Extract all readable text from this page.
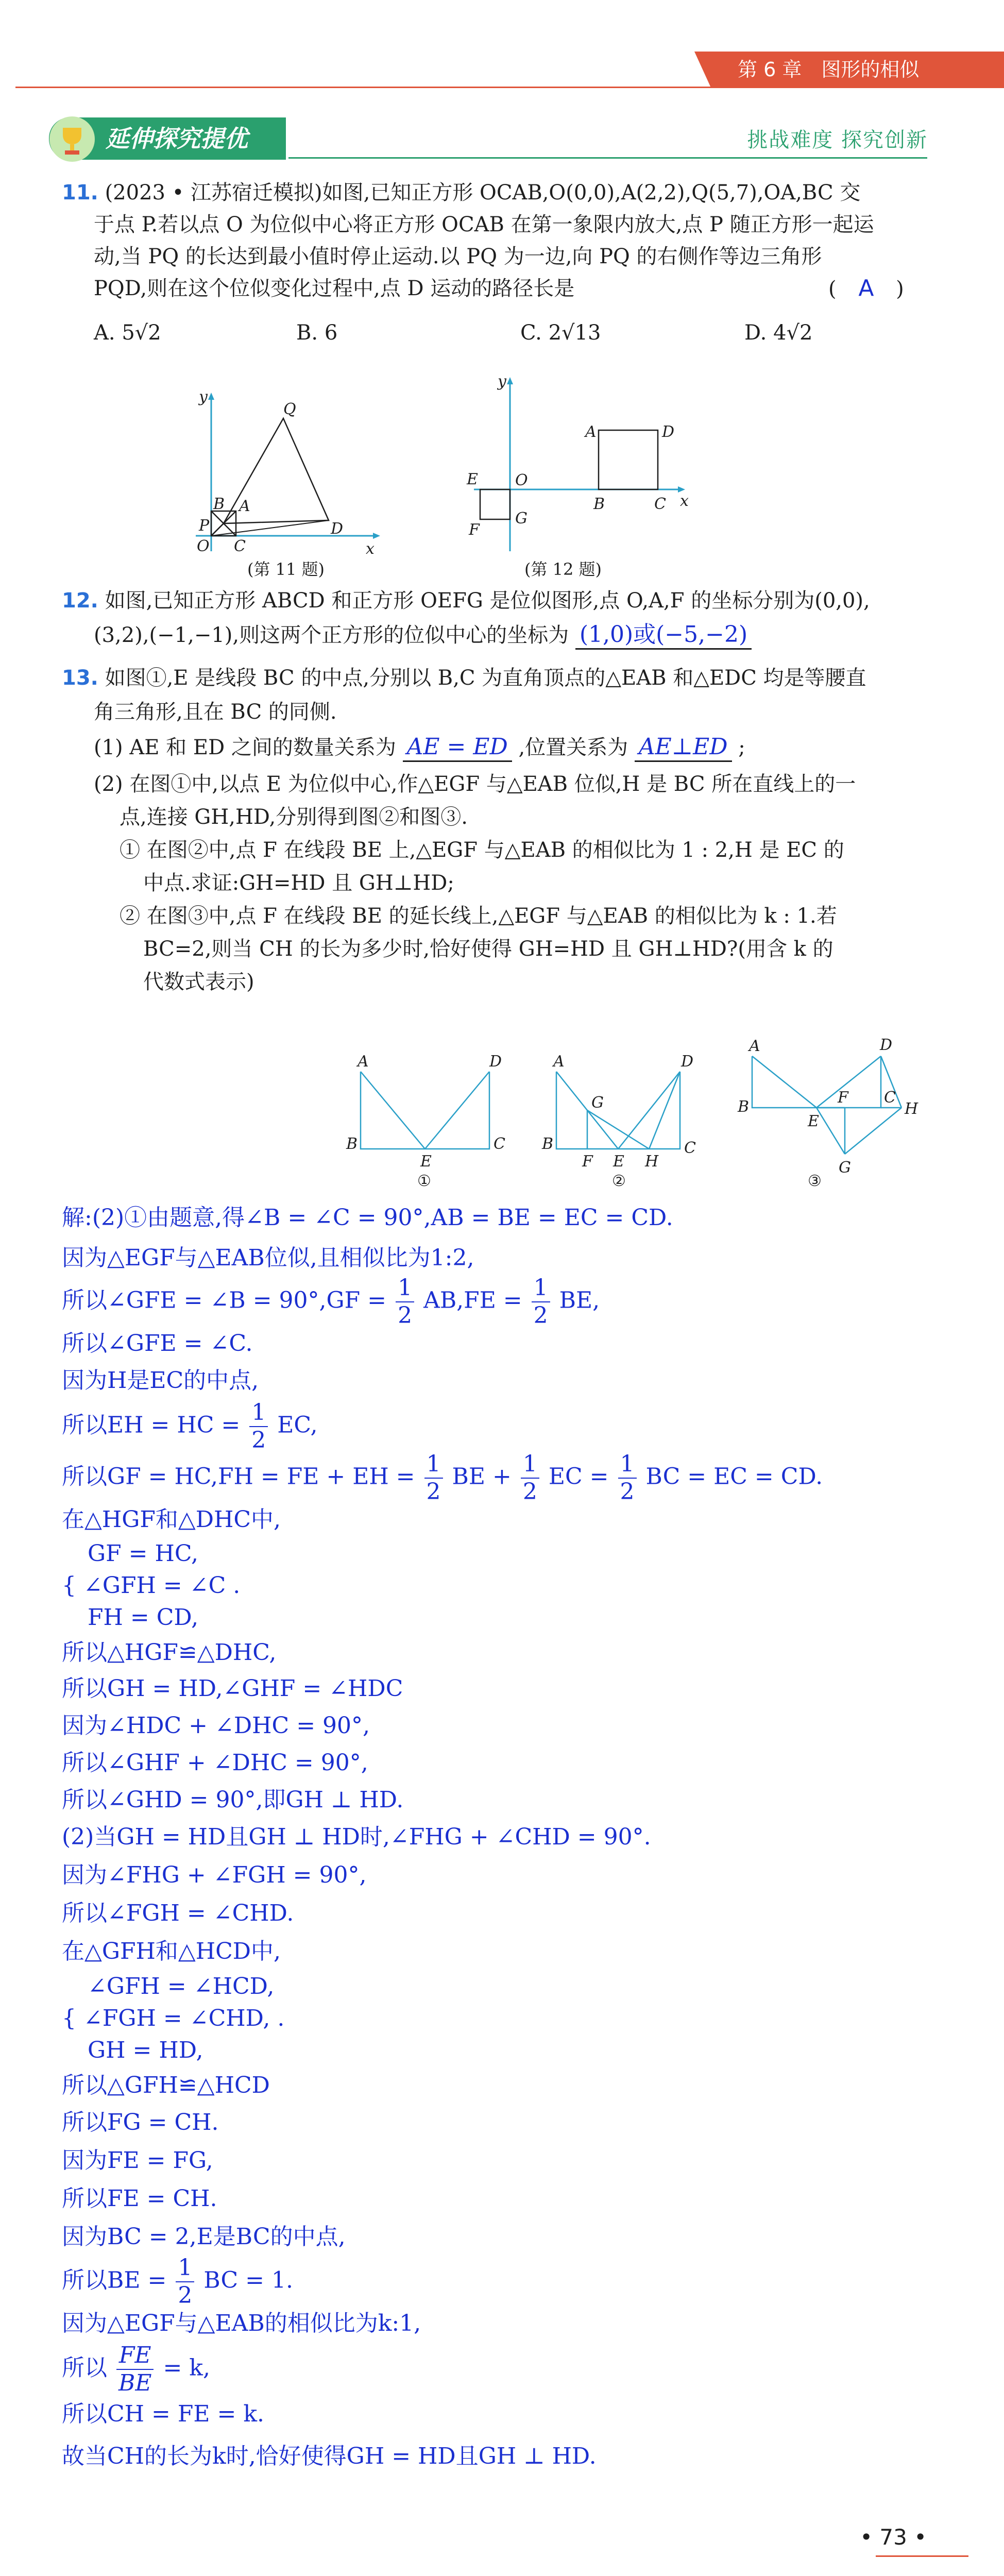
第 6 章　图形的相似
延伸探究提优	挑战难度 探究创新
11. (2023 • 江苏宿迁模拟)如图,已知正方形 OCAB,O(0,0),A(2,2),Q(5,7),OA,BC 交
于点 P.若以点 O 为位似中心将正方形 OCAB 在第一象限内放大,点 P 随正方形一起运
动,当 PQ 的长达到最小值时停止运动.以 PQ 为一边,向 PQ 的右侧作等边三角形
PQD,则在这个位似变化过程中,点 D 运动的路径长是	( A )
A. 5√2	B. 6	C. 2√13	D. 4√2
y
x
Q
B A
P
O C
D
(第 11 题)
y
x
A	D
E O
B	C
F
G
(第 12 题)
12. 如图,已知正方形 ABCD 和正方形 OEFG 是位似图形,点 O,A,F 的坐标分别为(0,0),
(3,2),(−1,−1),则这两个正方形的位似中心的坐标为 (1,0)或(−5,−2)
13. 如图①,E 是线段 BC 的中点,分别以 B,C 为直角顶点的△EAB 和△EDC 均是等腰直
角三角形,且在 BC 的同侧.
(1) AE 和 ED 之间的数量关系为 AE = ED ,位置关系为 AE⊥ED ;
(2) 在图①中,以点 E 为位似中心,作△EGF 与△EAB 位似,H 是 BC 所在直线上的一
点,连接 GH,HD,分别得到图②和图③.
① 在图②中,点 F 在线段 BE 上,△EGF 与△EAB 的相似比为 1 : 2,H 是 EC 的
中点.求证:GH=HD 且 GH⊥HD;
② 在图③中,点 F 在线段 BE 的延长线上,△EGF 与△EAB 的相似比为 k : 1.若
BC=2,则当 CH 的长为多少时,恰好使得 GH=HD 且 GH⊥HD?(用含 k 的
代数式表示)
A	D
B	C
E
①
A	D
G
B
F E H
C
②
A	D
B
E
F C
H
G
③
解:(2)①由题意,得∠B = ∠C = 90°,AB = BE = EC = CD.
因为△EGF与△EAB位似,且相似比为1:2,
所以∠GFE = ∠B = $90^\circ,GF = \frac{1}{2} AB,FE = \frac{1}{2}$ BE,
所以∠GFE = ∠C.
因为H是EC的中点,
所以EH = HC = $\frac{1}{2}$ EC,
所以GF = HC,FH = FE + EH = $\frac{1}{2}$ BE + $\frac{1}{2}$ EC = $\frac{1}{2}$ BC = EC = CD.
在△HGF和△DHC中,
GF = HC,
{ ∠GFH = ∠C .
FH = CD,
所以△HGF≌△DHC,
所以GH = HD,∠GHF = ∠HDC
因为∠HDC + ∠DHC = 90°,
所以∠GHF + ∠DHC = 90°,
所以∠GHD = 90°,即GH ⊥ HD.
(2)当GH = HD且GH ⊥ HD时,∠FHG + ∠CHD = 90°.
因为∠FHG + ∠FGH = 90°,
所以∠FGH = ∠CHD.
在△GFH和△HCD中,
∠GFH = ∠HCD,
{ ∠FGH = ∠CHD, .
GH = HD,
所以△GFH≌△HCD
所以FG = CH.
因为FE = FG,
所以FE = CH.
因为BC = 2,E是BC的中点,
所以BE = $\frac{1}{2}$ BC = 1.
因为△EGF与△EAB的相似比为k:1,
所以 $\frac{FE}{BE} = k$,
所以CH = FE = k.
故当CH的长为k时,恰好使得GH = HD且GH ⊥ HD.
• 73 •
